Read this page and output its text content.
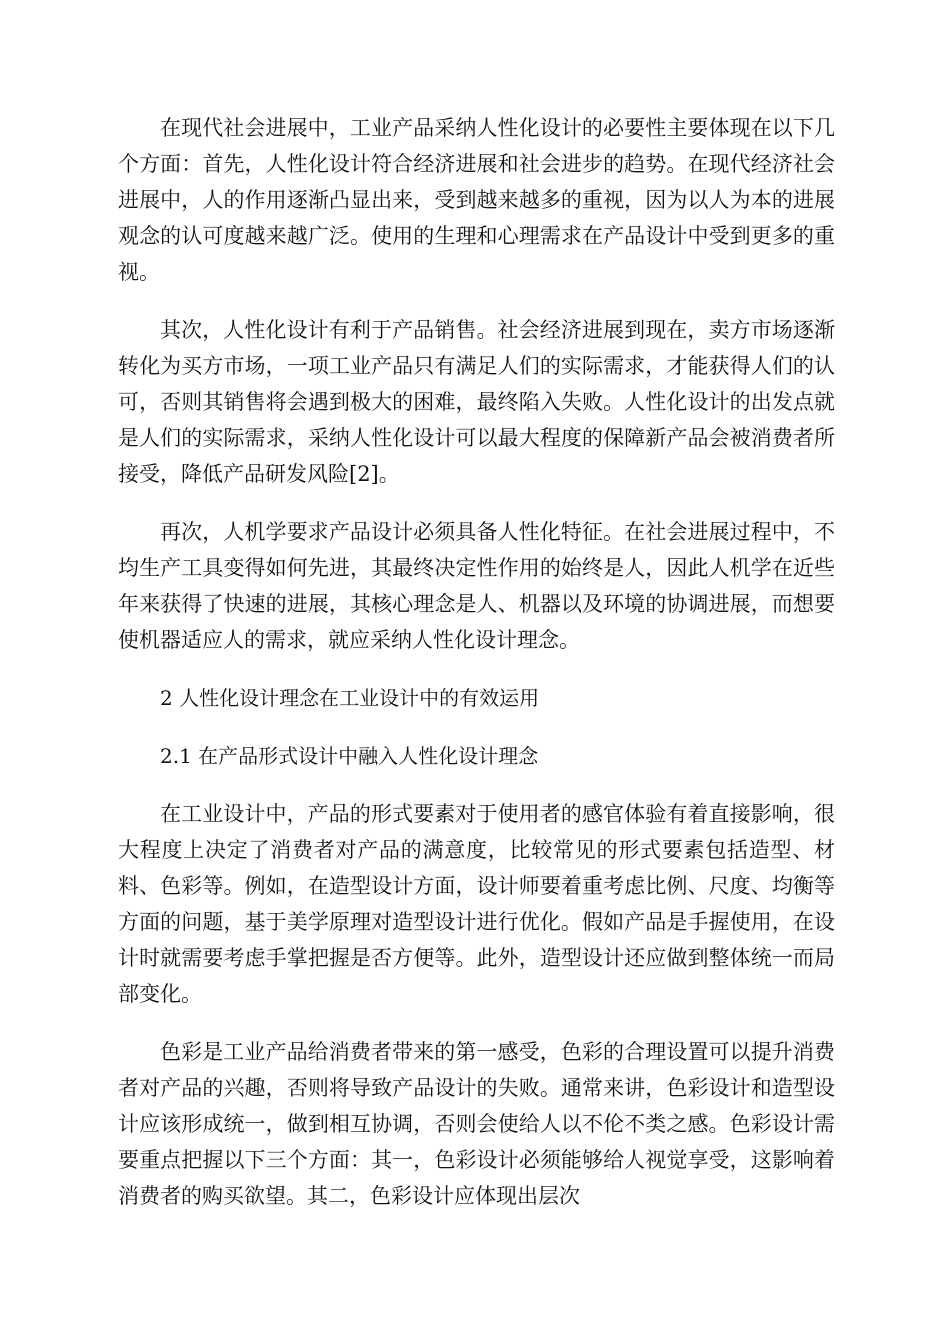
在现代社会进展中，工业产品采纳人性化设计的必要性主要体现在以下几个方面：首先，人性化设计符合经济进展和社会进步的趋势。在现代经济社会进展中，人的作用逐渐凸显出来，受到越来越多的重视，因为以人为本的进展观念的认可度越来越广泛。使用的生理和心理需求在产品设计中受到更多的重视。

其次，人性化设计有利于产品销售。社会经济进展到现在，卖方市场逐渐转化为买方市场，一项工业产品只有满足人们的实际需求，才能获得人们的认可，否则其销售将会遇到极大的困难，最终陷入失败。人性化设计的出发点就是人们的实际需求，采纳人性化设计可以最大程度的保障新产品会被消费者所接受，降低产品研发风险[2]。

再次，人机学要求产品设计必须具备人性化特征。在社会进展过程中，不均生产工具变得如何先进，其最终决定性作用的始终是人，因此人机学在近些年来获得了快速的进展，其核心理念是人、机器以及环境的协调进展，而想要使机器适应人的需求，就应采纳人性化设计理念。

2 人性化设计理念在工业设计中的有效运用

2.1 在产品形式设计中融入人性化设计理念

在工业设计中，产品的形式要素对于使用者的感官体验有着直接影响，很大程度上决定了消费者对产品的满意度，比较常见的形式要素包括造型、材料、色彩等。例如，在造型设计方面，设计师要着重考虑比例、尺度、均衡等方面的问题，基于美学原理对造型设计进行优化。假如产品是手握使用，在设计时就需要考虑手掌把握是否方便等。此外，造型设计还应做到整体统一而局部变化。

色彩是工业产品给消费者带来的第一感受，色彩的合理设置可以提升消费者对产品的兴趣，否则将导致产品设计的失败。通常来讲，色彩设计和造型设计应该形成统一，做到相互协调，否则会使给人以不伦不类之感。色彩设计需要重点把握以下三个方面：其一，色彩设计必须能够给人视觉享受，这影响着消费者的购买欲望。其二，色彩设计应体现出层次
